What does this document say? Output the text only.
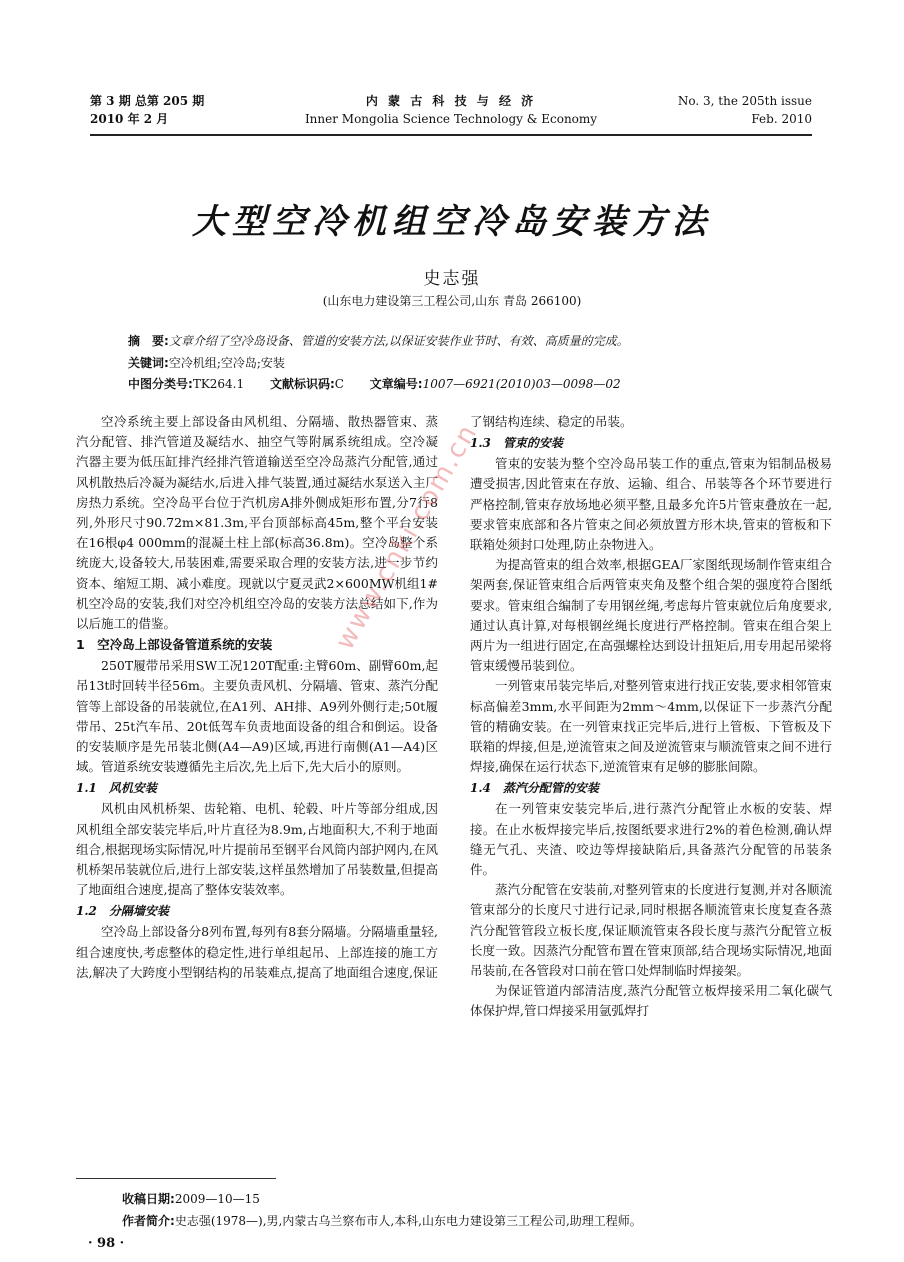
第 3 期 总第 205 期
2010 年 2 月
内 蒙 古 科 技 与 经 济
Inner Mongolia Science Technology & Economy
No. 3, the 205th issue
Feb. 2010
大型空冷机组空冷岛安装方法
史志强
(山东电力建设第三工程公司,山东 青岛 266100)
摘　要:文章介绍了空冷岛设备、管道的安装方法,以保证安装作业节时、有效、高质量的完成。
关键词:空冷机组;空冷岛;安装
中图分类号:TK264.1 文献标识码:C 文章编号:1007—6921(2010)03—0098—02

空冷系统主要上部设备由风机组、分隔墙、散热器管束、蒸汽分配管、排汽管道及凝结水、抽空气等附属系统组成。空冷凝汽器主要为低压缸排汽经排汽管道输送至空冷岛蒸汽分配管,通过风机散热后冷凝为凝结水,后进入排气装置,通过凝结水泵送入主厂房热力系统。空冷岛平台位于汽机房A排外侧成矩形布置,分7行8列,外形尺寸90.72m×81.3m,平台顶部标高45m,整个平台安装在16根φ4 000mm的混凝土柱上部(标高36.8m)。空冷岛整个系统庞大,设备较大,吊装困难,需要采取合理的安装方法,进一步节约资本、缩短工期、减小难度。现就以宁夏灵武2×600MW机组1#机空冷岛的安装,我们对空冷机组空冷岛的安装方法总结如下,作为以后施工的借鉴。

1　空冷岛上部设备管道系统的安装

250T履带吊采用SW工况120T配重:主臂60m、副臂60m,起吊13t时回转半径56m。主要负责风机、分隔墙、管束、蒸汽分配管等上部设备的吊装就位,在A1列、AH排、A9列外侧行走;50t履带吊、25t汽车吊、20t低驾车负责地面设备的组合和倒运。设备的安装顺序是先吊装北侧(A4—A9)区域,再进行南侧(A1—A4)区域。管道系统安装遵循先主后次,先上后下,先大后小的原则。

1.1　风机安装

风机由风机桥架、齿轮箱、电机、轮毂、叶片等部分组成,因风机组全部安装完毕后,叶片直径为8.9m,占地面积大,不利于地面组合,根据现场实际情况,叶片提前吊至钢平台风筒内部护网内,在风机桥架吊装就位后,进行上部安装,这样虽然增加了吊装数量,但提高了地面组合速度,提高了整体安装效率。

1.2　分隔墙安装

空冷岛上部设备分8列布置,每列有8套分隔墙。分隔墙重量轻,组合速度快,考虑整体的稳定性,进行单组起吊、上部连接的施工方法,解决了大跨度小型钢结构的吊装难点,提高了地面组合速度,保证

了钢结构连续、稳定的吊装。

1.3　管束的安装

管束的安装为整个空冷岛吊装工作的重点,管束为铝制品极易遭受损害,因此管束在存放、运输、组合、吊装等各个环节要进行严格控制,管束存放场地必须平整,且最多允许5片管束叠放在一起,要求管束底部和各片管束之间必须放置方形木块,管束的管板和下联箱处须封口处理,防止杂物进入。

为提高管束的组合效率,根据GEA厂家图纸现场制作管束组合架两套,保证管束组合后两管束夹角及整个组合架的强度符合图纸要求。管束组合编制了专用钢丝绳,考虑每片管束就位后角度要求,通过认真计算,对每根钢丝绳长度进行严格控制。管束在组合架上两片为一组进行固定,在高强螺栓达到设计扭矩后,用专用起吊梁将管束缓慢吊装到位。

一列管束吊装完毕后,对整列管束进行找正安装,要求相邻管束标高偏差3mm,水平间距为2mm～4mm,以保证下一步蒸汽分配管的精确安装。在一列管束找正完毕后,进行上管板、下管板及下联箱的焊接,但是,逆流管束之间及逆流管束与顺流管束之间不进行焊接,确保在运行状态下,逆流管束有足够的膨胀间隙。

1.4　蒸汽分配管的安装

在一列管束安装完毕后,进行蒸汽分配管止水板的安装、焊接。在止水板焊接完毕后,按图纸要求进行2%的着色检测,确认焊缝无气孔、夹渣、咬边等焊接缺陷后,具备蒸汽分配管的吊装条件。

蒸汽分配管在安装前,对整列管束的长度进行复测,并对各顺流管束部分的长度尺寸进行记录,同时根据各顺流管束长度复查各蒸汽分配管管段立板长度,保证顺流管束各段长度与蒸汽分配管立板长度一致。因蒸汽分配管布置在管束顶部,结合现场实际情况,地面吊装前,在各管段对口前在管口处焊制临时焊接架。

为保证管道内部清洁度,蒸汽分配管立板焊接采用二氧化碳气体保护焊,管口焊接采用氩弧焊打

www.cnki.com.cn
收稿日期:2009—10—15
作者简介:史志强(1978—),男,内蒙古乌兰察布市人,本科,山东电力建设第三工程公司,助理工程师。
· 98 ·
